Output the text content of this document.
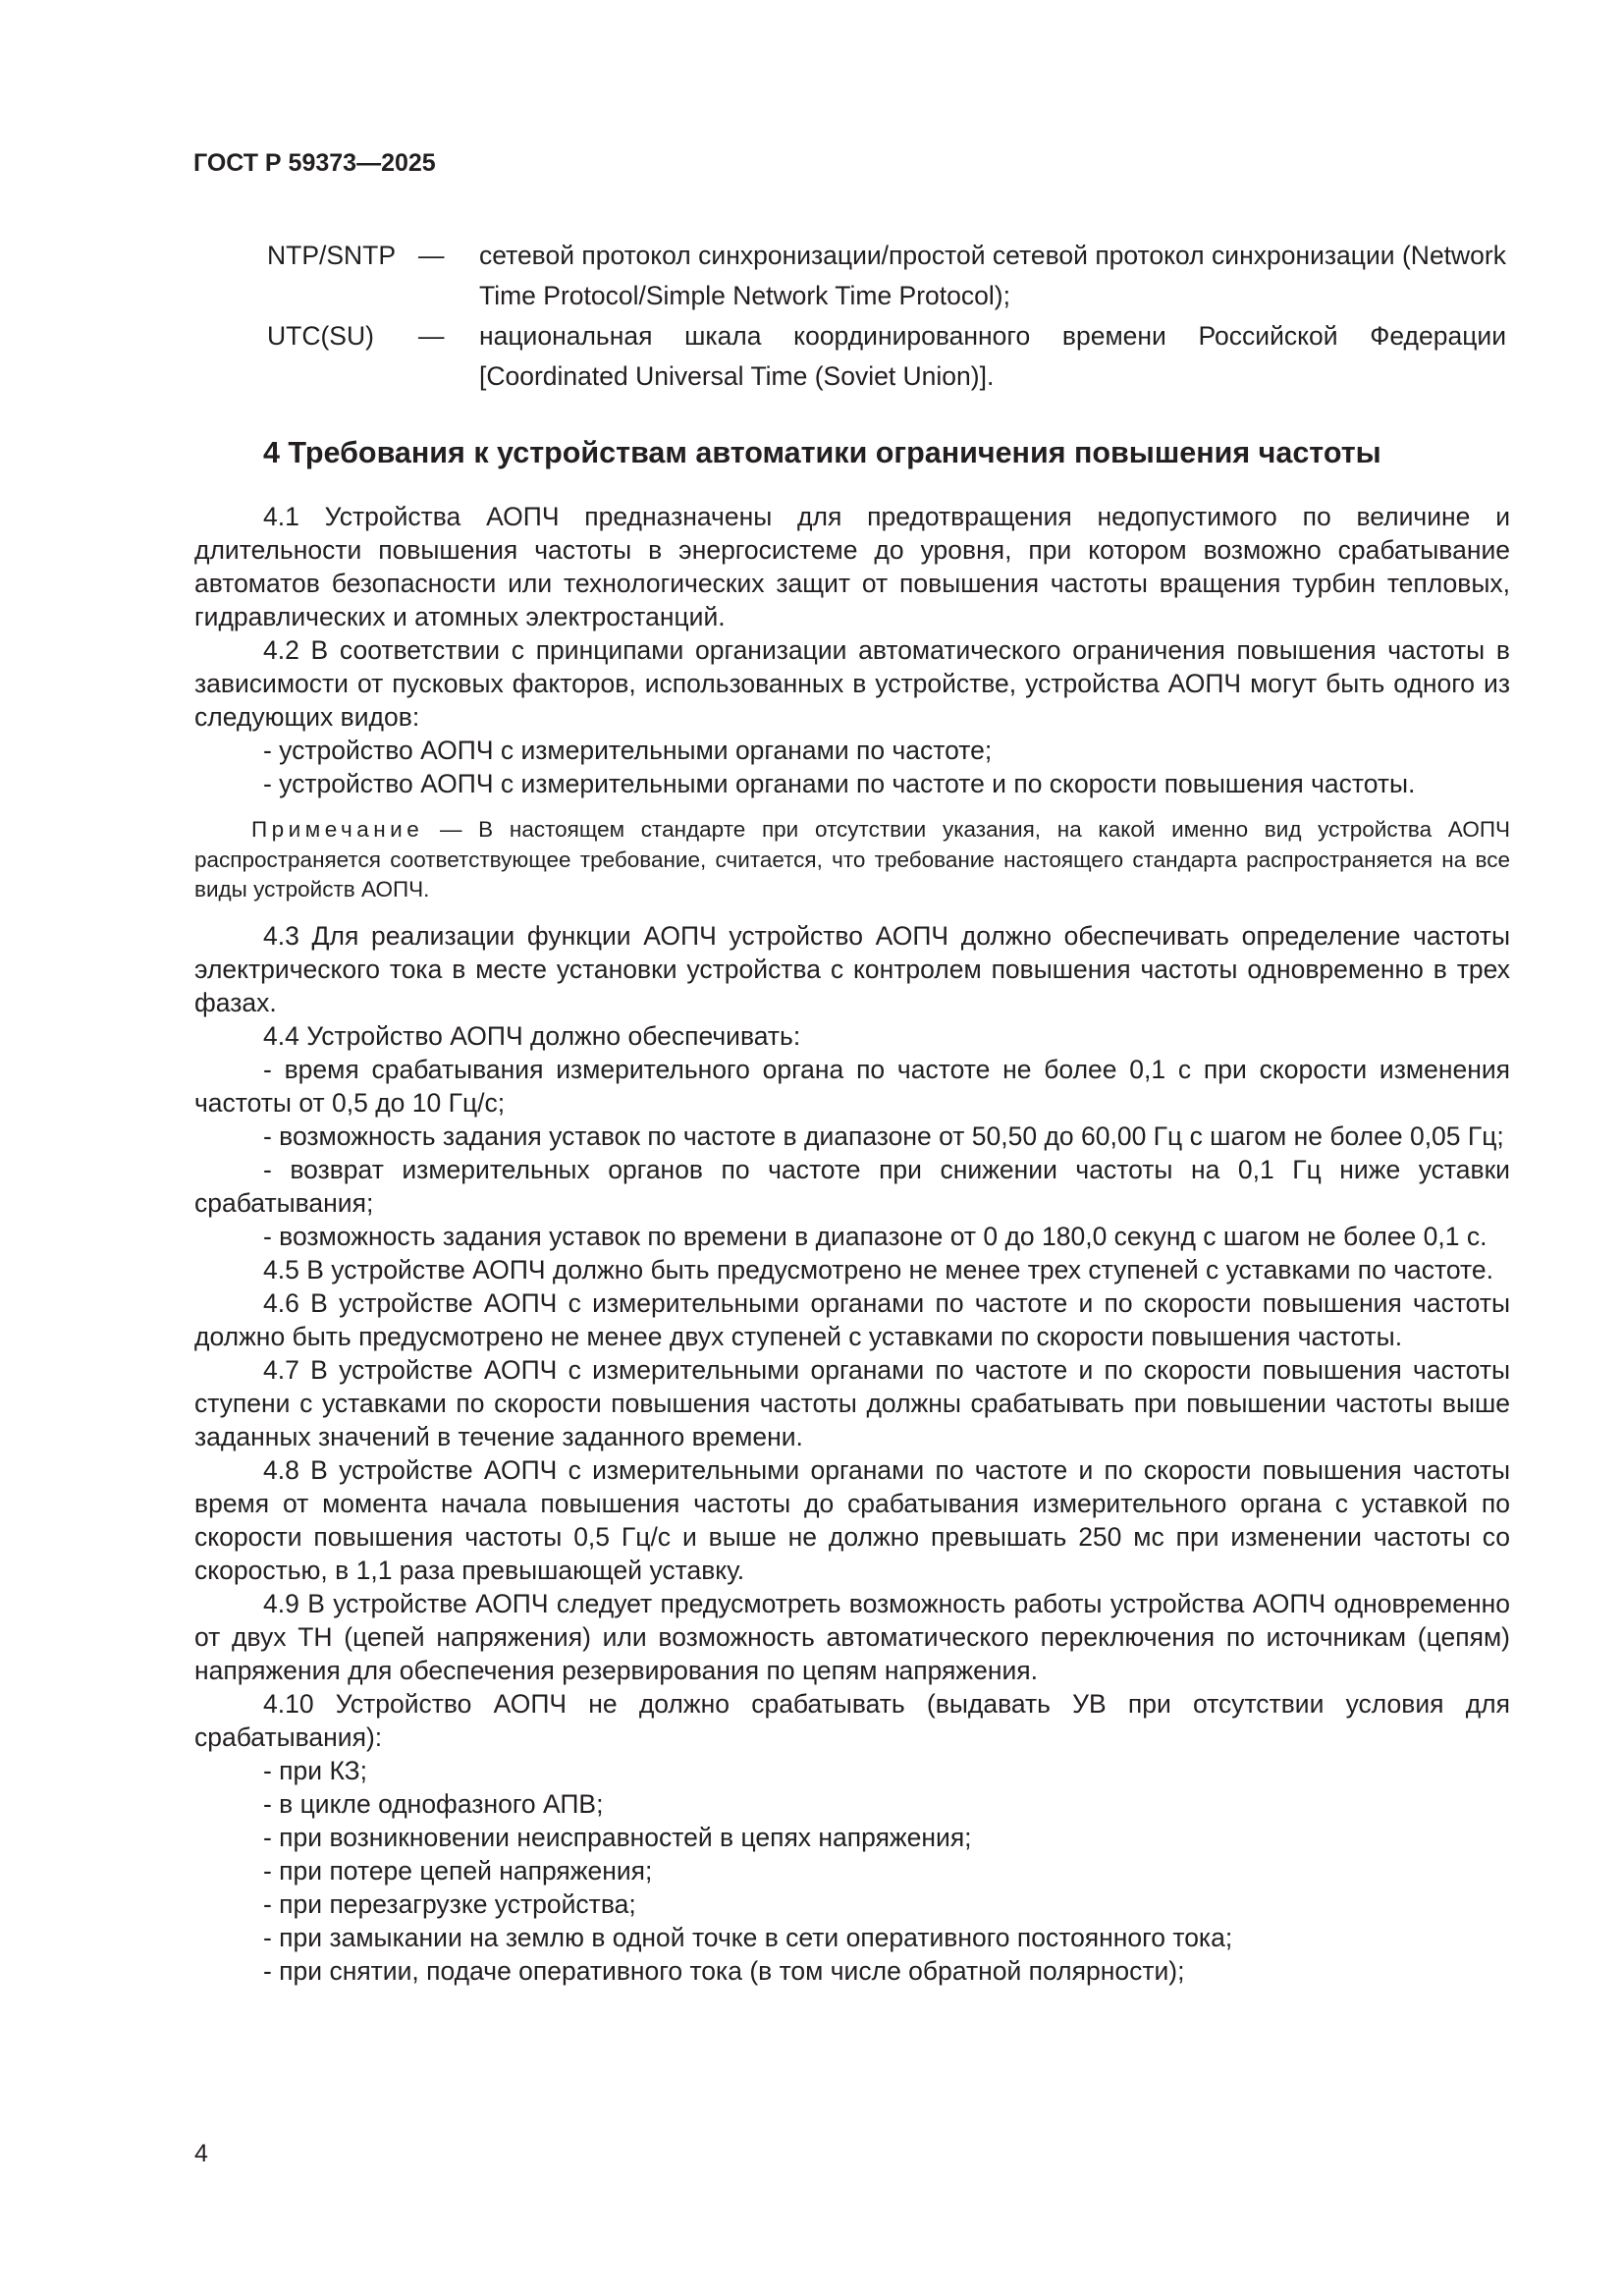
ГОСТ Р 59373—2025
NTP/SNTP —	сетевой протокол синхронизации/простой сетевой протокол синхронизации (Network Time Protocol/Simple Network Time Protocol);
UTC(SU)	—	национальная шкала координированного времени Российской Федерации [Coordinated Universal Time (Soviet Union)].
4 Требования к устройствам автоматики ограничения повышения частоты

4.1 Устройства АОПЧ предназначены для предотвращения недопустимого по величине и длительности повышения частоты в энергосистеме до уровня, при котором возможно срабатывание автоматов безопасности или технологических защит от повышения частоты вращения турбин тепловых, гидравлических и атомных электростанций.

4.2 В соответствии с принципами организации автоматического ограничения повышения частоты в зависимости от пусковых факторов, использованных в устройстве, устройства АОПЧ могут быть одного из следующих видов:

- устройство АОПЧ с измерительными органами по частоте;

- устройство АОПЧ с измерительными органами по частоте и по скорости повышения частоты.

Примечание — В настоящем стандарте при отсутствии указания, на какой именно вид устройства АОПЧ распространяется соответствующее требование, считается, что требование настоящего стандарта распространяется на все виды устройств АОПЧ.

4.3 Для реализации функции АОПЧ устройство АОПЧ должно обеспечивать определение частоты электрического тока в месте установки устройства с контролем повышения частоты одновременно в трех фазах.

4.4 Устройство АОПЧ должно обеспечивать:

- время срабатывания измерительного органа по частоте не более 0,1 с при скорости изменения частоты от 0,5 до 10 Гц/с;

- возможность задания уставок по частоте в диапазоне от 50,50 до 60,00 Гц с шагом не более 0,05 Гц;

- возврат измерительных органов по частоте при снижении частоты на 0,1 Гц ниже уставки срабатывания;

- возможность задания уставок по времени в диапазоне от 0 до 180,0 секунд с шагом не более 0,1 с.

4.5 В устройстве АОПЧ должно быть предусмотрено не менее трех ступеней с уставками по частоте.

4.6 В устройстве АОПЧ с измерительными органами по частоте и по скорости повышения частоты должно быть предусмотрено не менее двух ступеней с уставками по скорости повышения частоты.

4.7 В устройстве АОПЧ с измерительными органами по частоте и по скорости повышения частоты ступени с уставками по скорости повышения частоты должны срабатывать при повышении частоты выше заданных значений в течение заданного времени.

4.8 В устройстве АОПЧ с измерительными органами по частоте и по скорости повышения частоты время от момента начала повышения частоты до срабатывания измерительного органа с уставкой по скорости повышения частоты 0,5 Гц/с и выше не должно превышать 250 мс при изменении частоты со скоростью, в 1,1 раза превышающей уставку.

4.9 В устройстве АОПЧ следует предусмотреть возможность работы устройства АОПЧ одновременно от двух ТН (цепей напряжения) или возможность автоматического переключения по источникам (цепям) напряжения для обеспечения резервирования по цепям напряжения.

4.10 Устройство АОПЧ не должно срабатывать (выдавать УВ при отсутствии условия для срабатывания):

- при КЗ;

- в цикле однофазного АПВ;

- при возникновении неисправностей в цепях напряжения;

- при потере цепей напряжения;

- при перезагрузке устройства;

- при замыкании на землю в одной точке в сети оперативного постоянного тока;

- при снятии, подаче оперативного тока (в том числе обратной полярности);

4
